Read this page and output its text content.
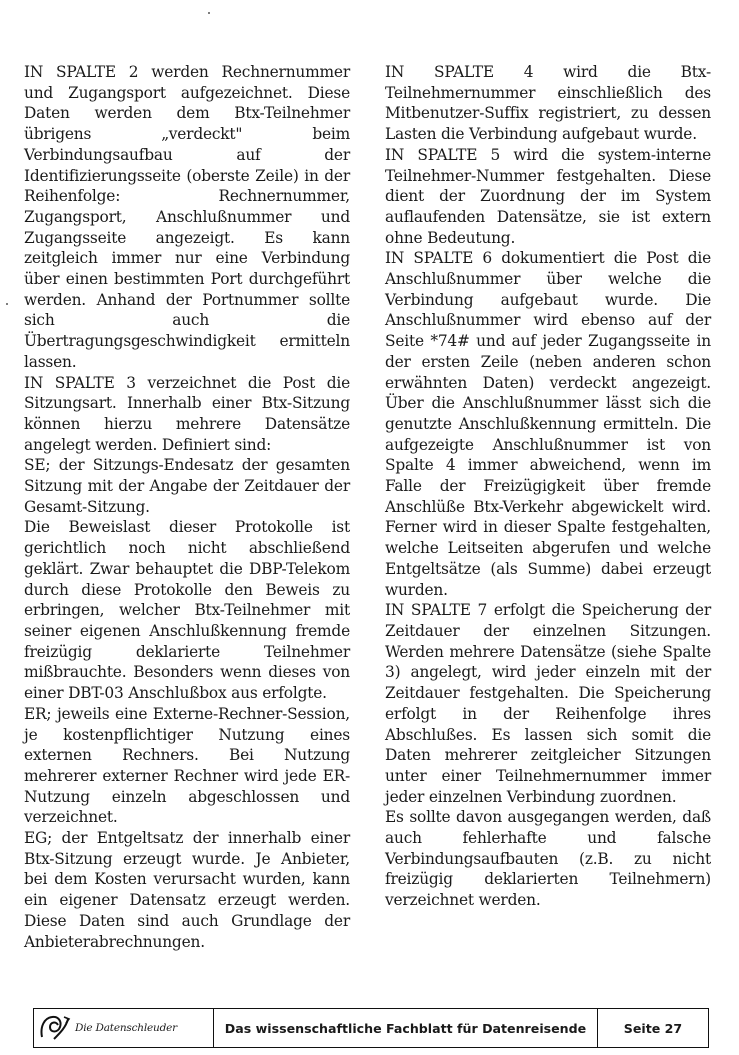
IN SPALTE 2 werden Rechnernummer und Zugangsport aufgezeichnet. Diese Daten werden dem Btx-Teilnehmer übrigens „verdeckt" beim Verbindungsaufbau auf der Identifizierungsseite (oberste Zeile) in der Reihenfolge: Rechnernummer, Zugangsport, Anschlußnummer und Zugangsseite angezeigt. Es kann zeitgleich immer nur eine Verbindung über einen bestimmten Port durchgeführt werden. Anhand der Portnummer sollte sich auch die Übertragungsgeschwindigkeit ermitteln lassen.

IN SPALTE 3 verzeichnet die Post die Sitzungsart. Innerhalb einer Btx-Sitzung können hierzu mehrere Datensätze angelegt werden. Definiert sind:

SE; der Sitzungs-Endesatz der gesamten Sitzung mit der Angabe der Zeitdauer der Gesamt-Sitzung.

Die Beweislast dieser Protokolle ist gerichtlich noch nicht abschließend geklärt. Zwar behauptet die DBP-Telekom durch diese Protokolle den Beweis zu erbringen, welcher Btx-Teilnehmer mit seiner eigenen Anschlußkennung fremde freizügig deklarierte Teilnehmer mißbrauchte. Besonders wenn dieses von einer DBT-03 Anschlußbox aus erfolgte.

ER; jeweils eine Externe-Rechner-Session, je kostenpflichtiger Nutzung eines externen Rechners. Bei Nutzung mehrerer externer Rechner wird jede ER-Nutzung einzeln abgeschlossen und verzeichnet.

EG; der Entgeltsatz der innerhalb einer Btx-Sitzung erzeugt wurde. Je Anbieter, bei dem Kosten verursacht wurden, kann ein eigener Datensatz erzeugt werden. Diese Daten sind auch Grundlage der Anbieterabrechnungen.

IN SPALTE 4 wird die Btx-Teilnehmernummer einschließlich des Mitbenutzer-Suffix registriert, zu dessen Lasten die Verbindung aufgebaut wurde.

IN SPALTE 5 wird die system-interne Teilnehmer-Nummer festgehalten. Diese dient der Zuordnung der im System auflaufenden Datensätze, sie ist extern ohne Bedeutung.

IN SPALTE 6 dokumentiert die Post die Anschlußnummer über welche die Verbindung aufgebaut wurde. Die Anschlußnummer wird ebenso auf der Seite *74# und auf jeder Zugangsseite in der ersten Zeile (neben anderen schon erwähnten Daten) verdeckt angezeigt. Über die Anschlußnummer lässt sich die genutzte Anschlußkennung ermitteln. Die aufgezeigte Anschlußnummer ist von Spalte 4 immer abweichend, wenn im Falle der Freizügigkeit über fremde Anschlüße Btx-Verkehr abgewickelt wird. Ferner wird in dieser Spalte festgehalten, welche Leitseiten abgerufen und welche Entgeltsätze (als Summe) dabei erzeugt wurden.

IN SPALTE 7 erfolgt die Speicherung der Zeitdauer der einzelnen Sitzungen. Werden mehrere Datensätze (siehe Spalte 3) angelegt, wird jeder einzeln mit der Zeitdauer festgehalten. Die Speicherung erfolgt in der Reihenfolge ihres Abschlußes. Es lassen sich somit die Daten mehrerer zeitgleicher Sitzungen unter einer Teilnehmernummer immer jeder einzelnen Verbindung zuordnen.

Es sollte davon ausgegangen werden, daß auch fehlerhafte und falsche Verbindungsaufbauten (z.B. zu nicht freizügig deklarierten Teilnehmern) verzeichnet werden.

Die Datenschleuder	Das wissenschaftliche Fachblatt für Datenreisende	Seite 27
